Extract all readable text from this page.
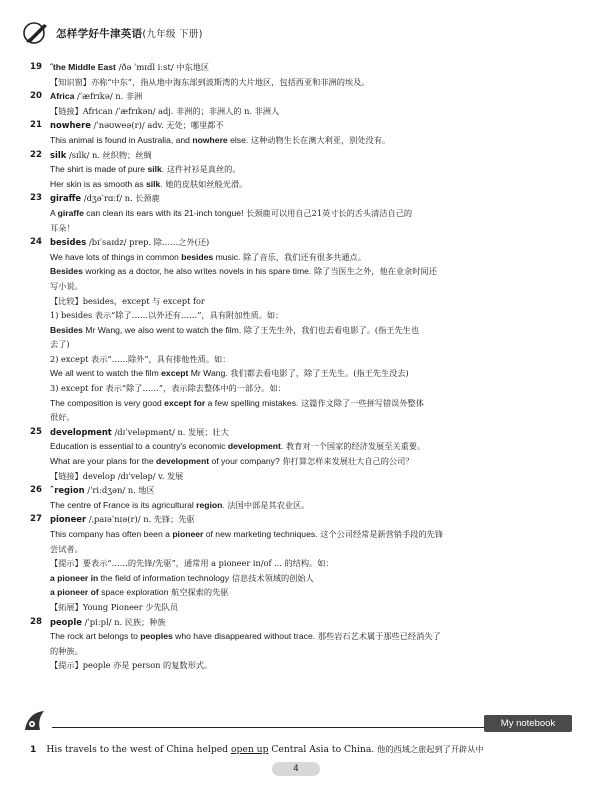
怎样学好牛津英语(九年级 下册)
19 ˆthe Middle East /ðə ˈmɪdl iːst/ 中东地区
【知识窗】亦称“中东”，指从地中海东部到波斯湾的大片地区，包括西亚和非洲的埃及。
20 Africa /ˈæfrɪkə/ n. 非洲
【链接】African /ˈæfrɪkən/ adj. 非洲的；非洲人的 n. 非洲人
21 nowhere /ˈnəʊweə(r)/ adv. 无处；哪里都不
This animal is found in Australia, and nowhere else. 这种动物生长在澳大利亚，别处没有。
22 silk /sɪlk/ n. 丝织物；丝绸
The shirt is made of pure silk. 这件衬衫是真丝的。
Her skin is as smooth as silk. 她的皮肤如丝般光滑。
23 giraffe /dʒəˈrɑːf/ n. 长颈鹿
A giraffe can clean its ears with its 21-inch tongue! 长颈鹿可以用自己21英寸长的舌头清洁自己的
耳朵！
24 besides /bɪˈsaɪdz/ prep. 除……之外(还)
We have lots of things in common besides music. 除了音乐，我们还有很多共通点。
Besides working as a doctor, he also writes novels in his spare time. 除了当医生之外，他在业余时间还
写小说。
【比较】besides，except 与 except for
1) besides 表示“除了……以外还有……”，具有附加性质。如：
Besides Mr Wang, we also went to watch the film. 除了王先生外，我们也去看电影了。(指王先生也
去了)
2) except 表示“……除外”，具有排他性质。如：
We all went to watch the film except Mr Wang. 我们都去看电影了，除了王先生。(指王先生没去)
3) except for 表示“除了……”，表示除去整体中的一部分。如：
The composition is very good except for a few spelling mistakes. 这篇作文除了一些拼写错误外整体
很好。
25 development /dɪˈveləpmənt/ n. 发展；壮大
Education is essential to a country's economic development. 教育对一个国家的经济发展至关重要。
What are your plans for the development of your company? 你打算怎样来发展壮大自己的公司？
【链接】develop /dɪˈveləp/ v. 发展
26 ˆregion /ˈriːdʒən/ n. 地区
The centre of France is its agricultural region. 法国中部是其农业区。
27 pioneer /ˌpaɪəˈnɪə(r)/ n. 先锋；先驱
This company has often been a pioneer of new marketing techniques. 这个公司经常是新营销手段的先锋
尝试者。
【提示】要表示“……的先锋/先驱”，通常用 a pioneer in/of ... 的结构。如：
a pioneer in the field of information technology 信息技术领域的创始人
a pioneer of space exploration 航空探索的先驱
【拓展】Young Pioneer 少先队员
28 people /ˈpiːpl/ n. 民族；种族
The rock art belongs to peoples who have disappeared without trace. 那些岩石艺术属于那些已经消失了
的种族。
【提示】people 亦是 person 的复数形式。
My notebook
1 His travels to the west of China helped open up Central Asia to China. 他的西域之旅起到了开辟从中
4
